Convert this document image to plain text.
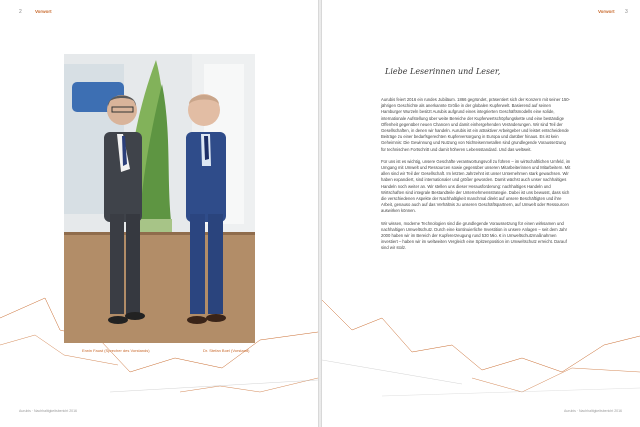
2	Vorwort
Erwin Faust (Sprecher des Vorstands)	Dr. Stefan Boel (Vorstand)
Aurubis · Nachhaltigkeitsbericht 2016
Vorwort 3
Aurubis · Nachhaltigkeitsbericht 2016
Liebe Leserinnen und Leser,

Aurubis feiert 2016 ein rundes Jubiläum. 1866 gegründet, präsentiert sich der Konzern mit seiner 150-jährigen Geschichte als anerkannte Größe in der globalen Kupferwelt. Basierend auf seinen Hamburger Wurzeln besitzt Aurubis aufgrund eines integrierten Geschäftsmodells eine solide, internationale Aufstellung über weite Bereiche der Kupferwertschöpfungskette und eine beständige Offenheit gegenüber neuen Chancen und damit einhergehenden Veränderungen. Wir sind Teil der Gesellschaften, in denen wir handeln. Aurubis ist ein attraktiver Arbeitgeber und leistet entscheidende Beiträge zu einer bedarfsgerechten Kupferversorgung in Europa und darüber hinaus. Es ist kein Geheimnis: Die Gewinnung und Nutzung von Nichteisenmetallen sind grundlegende Voraussetzung für technischen Fortschritt und damit höheren Lebensstandard. Und das weltweit.

Für uns ist es wichtig, unsere Geschäfte verantwortungsvoll zu führen – im wirtschaftlichen Umfeld, im Umgang mit Umwelt und Ressourcen sowie gegenüber unseren Mitarbeiterinnen und Mitarbeitern. Mit allen sind wir Teil der Gesellschaft. Im letzten Jahrzehnt ist unser Unternehmen stark gewachsen. Wir haben expandiert, sind internationaler und größer geworden. Damit wächst auch unser nachhaltiges Handeln noch weiter an. Wir stellen uns dieser Herausforderung: nachhaltiges Handeln und Wirtschaften sind integrale Bestandteile der Unternehmensstrategie. Dabei ist uns bewusst, dass sich die verschiedenen Aspekte der Nachhaltigkeit manchmal direkt auf unsere Beschäftigten und ihre Arbeit, genauso auch auf das Verhältnis zu unseren Geschäftspartnern, auf Umwelt oder Ressourcen auswirken können.

Wir wissen, moderne Technologien sind die grundlegende Voraussetzung für einen wirksamen und nachhaltigen Umweltschutz. Durch eine kontinuierliche Investition in unsere Anlagen – seit dem Jahr 2000 haben wir im Bereich der Kupfererzeugung rund 530 Mio. € in Umweltschutzmaßnahmen investiert – haben wir im weltweiten Vergleich eine Spitzenposition im Umweltschutz erreicht. Darauf sind wir stolz.
